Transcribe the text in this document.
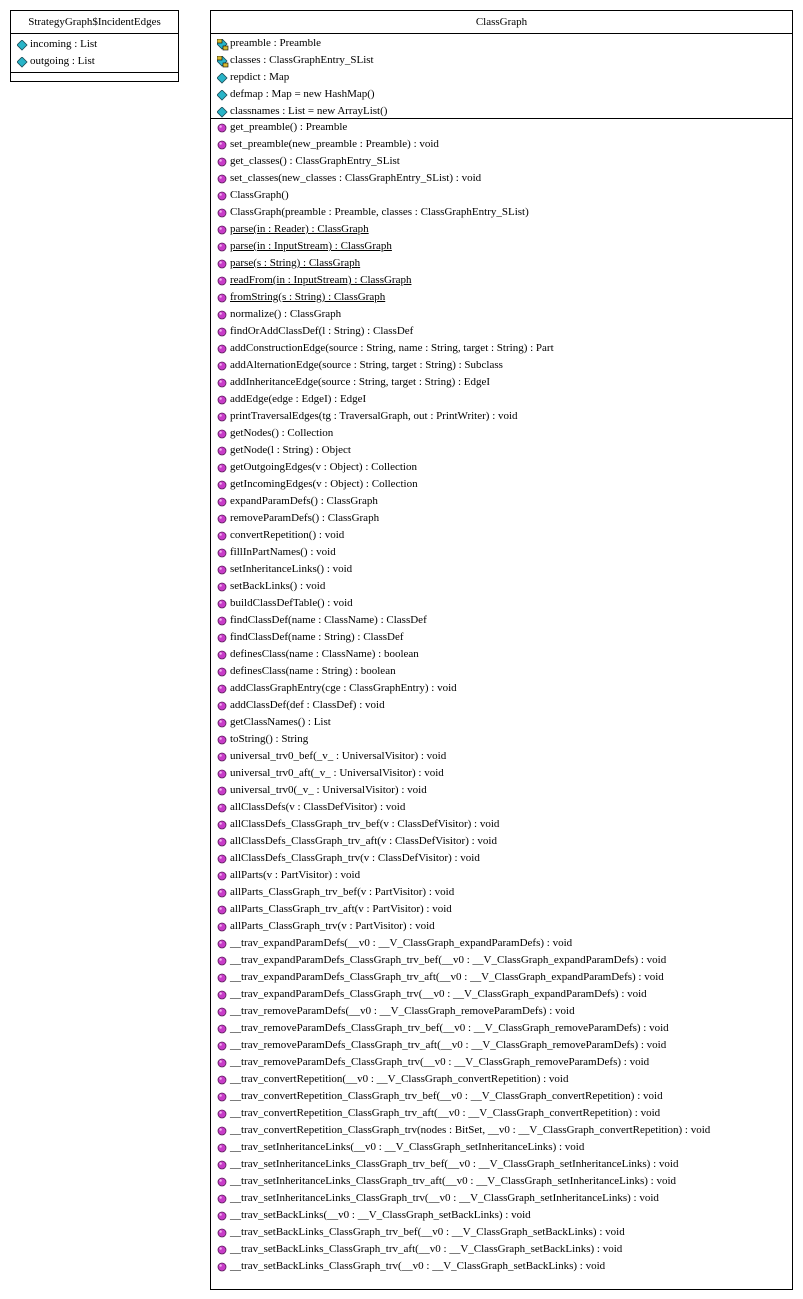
StrategyGraph$IncidentEdges
incoming : List
outgoing : List
ClassGraph
preamble : Preamble
classes : ClassGraphEntry_SList
repdict : Map
defmap : Map = new HashMap()
classnames : List = new ArrayList()
get_preamble() : Preamble
set_preamble(new_preamble : Preamble) : void
get_classes() : ClassGraphEntry_SList
set_classes(new_classes : ClassGraphEntry_SList) : void
ClassGraph()
ClassGraph(preamble : Preamble, classes : ClassGraphEntry_SList)
parse(in : Reader) : ClassGraph
parse(in : InputStream) : ClassGraph
parse(s : String) : ClassGraph
readFrom(in : InputStream) : ClassGraph
fromString(s : String) : ClassGraph
normalize() : ClassGraph
findOrAddClassDef(l : String) : ClassDef
addConstructionEdge(source : String, name : String, target : String) : Part
addAlternationEdge(source : String, target : String) : Subclass
addInheritanceEdge(source : String, target : String) : EdgeI
addEdge(edge : EdgeI) : EdgeI
printTraversalEdges(tg : TraversalGraph, out : PrintWriter) : void
getNodes() : Collection
getNode(l : String) : Object
getOutgoingEdges(v : Object) : Collection
getIncomingEdges(v : Object) : Collection
expandParamDefs() : ClassGraph
removeParamDefs() : ClassGraph
convertRepetition() : void
fillInPartNames() : void
setInheritanceLinks() : void
setBackLinks() : void
buildClassDefTable() : void
findClassDef(name : ClassName) : ClassDef
findClassDef(name : String) : ClassDef
definesClass(name : ClassName) : boolean
definesClass(name : String) : boolean
addClassGraphEntry(cge : ClassGraphEntry) : void
addClassDef(def : ClassDef) : void
getClassNames() : List
toString() : String
universal_trv0_bef(_v_ : UniversalVisitor) : void
universal_trv0_aft(_v_ : UniversalVisitor) : void
universal_trv0(_v_ : UniversalVisitor) : void
allClassDefs(v : ClassDefVisitor) : void
allClassDefs_ClassGraph_trv_bef(v : ClassDefVisitor) : void
allClassDefs_ClassGraph_trv_aft(v : ClassDefVisitor) : void
allClassDefs_ClassGraph_trv(v : ClassDefVisitor) : void
allParts(v : PartVisitor) : void
allParts_ClassGraph_trv_bef(v : PartVisitor) : void
allParts_ClassGraph_trv_aft(v : PartVisitor) : void
allParts_ClassGraph_trv(v : PartVisitor) : void
__trav_expandParamDefs(__v0 : __V_ClassGraph_expandParamDefs) : void
__trav_expandParamDefs_ClassGraph_trv_bef(__v0 : __V_ClassGraph_expandParamDefs) : void
__trav_expandParamDefs_ClassGraph_trv_aft(__v0 : __V_ClassGraph_expandParamDefs) : void
__trav_expandParamDefs_ClassGraph_trv(__v0 : __V_ClassGraph_expandParamDefs) : void
__trav_removeParamDefs(__v0 : __V_ClassGraph_removeParamDefs) : void
__trav_removeParamDefs_ClassGraph_trv_bef(__v0 : __V_ClassGraph_removeParamDefs) : void
__trav_removeParamDefs_ClassGraph_trv_aft(__v0 : __V_ClassGraph_removeParamDefs) : void
__trav_removeParamDefs_ClassGraph_trv(__v0 : __V_ClassGraph_removeParamDefs) : void
__trav_convertRepetition(__v0 : __V_ClassGraph_convertRepetition) : void
__trav_convertRepetition_ClassGraph_trv_bef(__v0 : __V_ClassGraph_convertRepetition) : void
__trav_convertRepetition_ClassGraph_trv_aft(__v0 : __V_ClassGraph_convertRepetition) : void
__trav_convertRepetition_ClassGraph_trv(nodes : BitSet, __v0 : __V_ClassGraph_convertRepetition) : void
__trav_setInheritanceLinks(__v0 : __V_ClassGraph_setInheritanceLinks) : void
__trav_setInheritanceLinks_ClassGraph_trv_bef(__v0 : __V_ClassGraph_setInheritanceLinks) : void
__trav_setInheritanceLinks_ClassGraph_trv_aft(__v0 : __V_ClassGraph_setInheritanceLinks) : void
__trav_setInheritanceLinks_ClassGraph_trv(__v0 : __V_ClassGraph_setInheritanceLinks) : void
__trav_setBackLinks(__v0 : __V_ClassGraph_setBackLinks) : void
__trav_setBackLinks_ClassGraph_trv_bef(__v0 : __V_ClassGraph_setBackLinks) : void
__trav_setBackLinks_ClassGraph_trv_aft(__v0 : __V_ClassGraph_setBackLinks) : void
__trav_setBackLinks_ClassGraph_trv(__v0 : __V_ClassGraph_setBackLinks) : void
